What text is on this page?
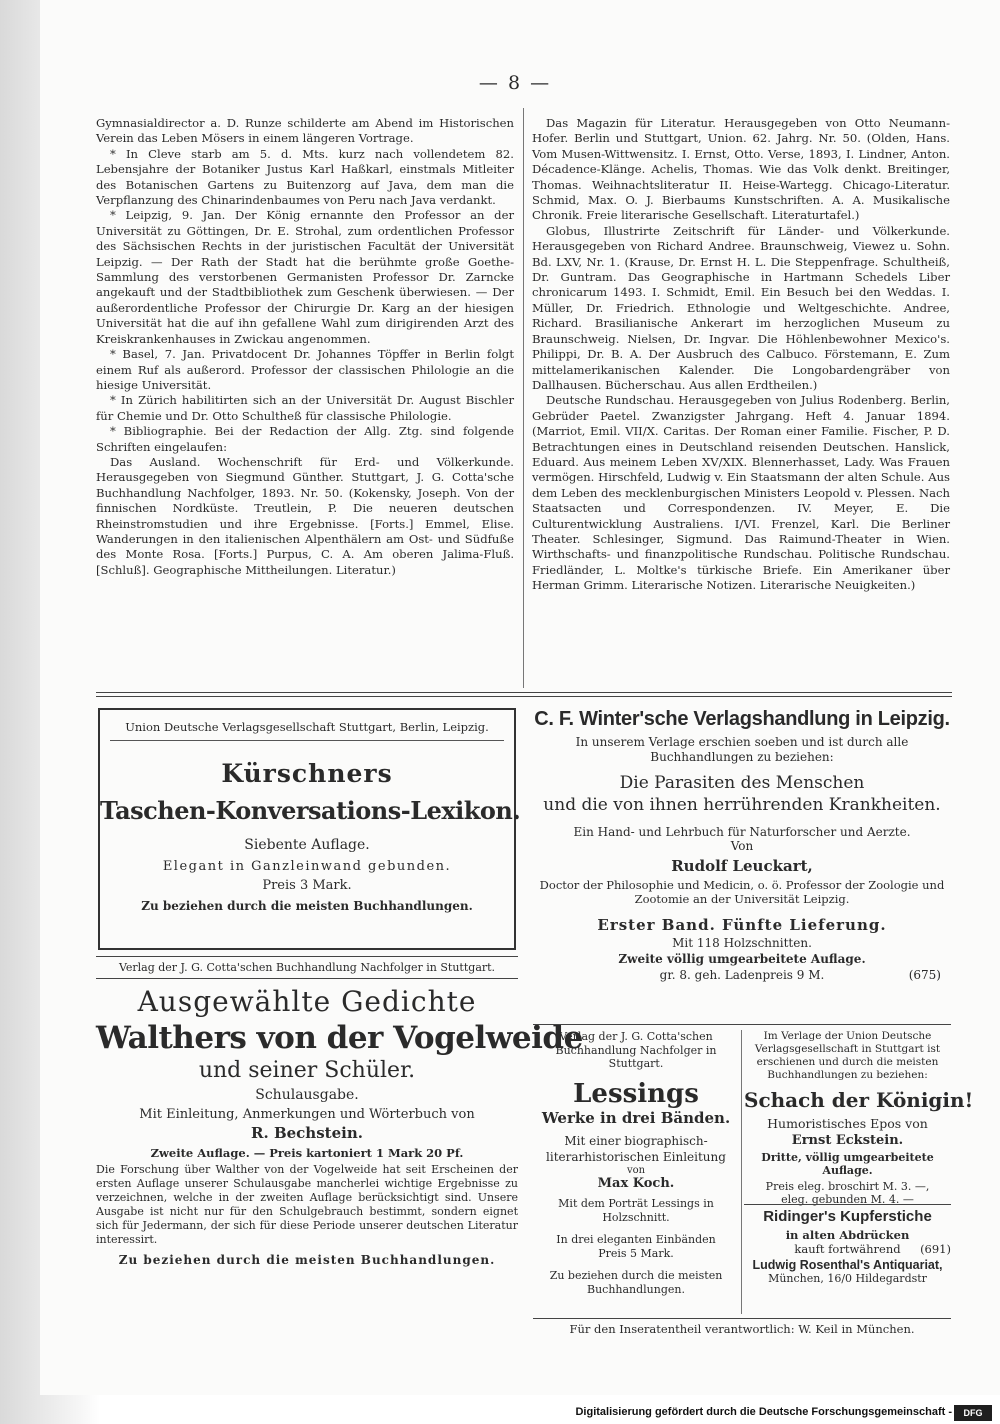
— 8 —

Gymnasialdirector a. D. Runze schilderte am Abend im Historischen Verein das Leben Mösers in einem längeren Vortrage.

* In Cleve starb am 5. d. Mts. kurz nach vollendetem 82. Lebensjahre der Botaniker Justus Karl Haßkarl, einstmals Mitleiter des Botanischen Gartens zu Buitenzorg auf Java, dem man die Verpflanzung des Chinarindenbaumes von Peru nach Java verdankt.

* Leipzig, 9. Jan. Der König ernannte den Professor an der Universität zu Göttingen, Dr. E. Strohal, zum ordentlichen Professor des Sächsischen Rechts in der juristischen Facultät der Universität Leipzig. — Der Rath der Stadt hat die berühmte große Goethe-Sammlung des verstorbenen Germanisten Professor Dr. Zarncke angekauft und der Stadtbibliothek zum Geschenk überwiesen. — Der außerordentliche Professor der Chirurgie Dr. Karg an der hiesigen Universität hat die auf ihn gefallene Wahl zum dirigirenden Arzt des Kreiskrankenhauses in Zwickau angenommen.

* Basel, 7. Jan. Privatdocent Dr. Johannes Töpffer in Berlin folgt einem Ruf als außerord. Professor der classischen Philologie an die hiesige Universität.

* In Zürich habilitirten sich an der Universität Dr. August Bischler für Chemie und Dr. Otto Schultheß für classische Philologie.

* Bibliographie. Bei der Redaction der Allg. Ztg. sind folgende Schriften eingelaufen:

Das Ausland. Wochenschrift für Erd- und Völkerkunde. Herausgegeben von Siegmund Günther. Stuttgart, J. G. Cotta'sche Buchhandlung Nachfolger, 1893. Nr. 50. (Kokensky, Joseph. Von der finnischen Nordküste. Treutlein, P. Die neueren deutschen Rheinstromstudien und ihre Ergebnisse. [Forts.] Emmel, Elise. Wanderungen in den italienischen Alpenthälern am Ost- und Südfuße des Monte Rosa. [Forts.] Purpus, C. A. Am oberen Jalima-Fluß. [Schluß]. Geographische Mittheilungen. Literatur.)

Das Magazin für Literatur. Herausgegeben von Otto Neumann-Hofer. Berlin und Stuttgart, Union. 62. Jahrg. Nr. 50. (Olden, Hans. Vom Musen-Wittwensitz. I. Ernst, Otto. Verse, 1893, I. Lindner, Anton. Décadence-Klänge. Achelis, Thomas. Wie das Volk denkt. Breitinger, Thomas. Weihnachtsliteratur II. Heise-Wartegg. Chicago-Literatur. Schmid, Max. O. J. Bierbaums Kunstschriften. A. A. Musikalische Chronik. Freie literarische Gesellschaft. Literaturtafel.)

Globus, Illustrirte Zeitschrift für Länder- und Völkerkunde. Herausgegeben von Richard Andree. Braunschweig, Viewez u. Sohn. Bd. LXV, Nr. 1. (Krause, Dr. Ernst H. L. Die Steppenfrage. Schultheiß, Dr. Guntram. Das Geographische in Hartmann Schedels Liber chronicarum 1493. I. Schmidt, Emil. Ein Besuch bei den Weddas. I. Müller, Dr. Friedrich. Ethnologie und Weltgeschichte. Andree, Richard. Brasilianische Ankerart im herzoglichen Museum zu Braunschweig. Nielsen, Dr. Ingvar. Die Höhlenbewohner Mexico's. Philippi, Dr. B. A. Der Ausbruch des Calbuco. Förstemann, E. Zum mittelamerikanischen Kalender. Die Longobardengräber von Dallhausen. Bücherschau. Aus allen Erdtheilen.)

Deutsche Rundschau. Herausgegeben von Julius Rodenberg. Berlin, Gebrüder Paetel. Zwanzigster Jahrgang. Heft 4. Januar 1894. (Marriot, Emil. VII/X. Caritas. Der Roman einer Familie. Fischer, P. D. Betrachtungen eines in Deutschland reisenden Deutschen. Hanslick, Eduard. Aus meinem Leben XV/XIX. Blennerhasset, Lady. Was Frauen vermögen. Hirschfeld, Ludwig v. Ein Staatsmann der alten Schule. Aus dem Leben des mecklenburgischen Ministers Leopold v. Plessen. Nach Staatsacten und Correspondenzen. IV. Meyer, E. Die Culturentwicklung Australiens. I/VI. Frenzel, Karl. Die Berliner Theater. Schlesinger, Sigmund. Das Raimund-Theater in Wien. Wirthschafts- und finanzpolitische Rundschau. Politische Rundschau. Friedländer, L. Moltke's türkische Briefe. Ein Amerikaner über Herman Grimm. Literarische Notizen. Literarische Neuigkeiten.)

Union Deutsche Verlagsgesellschaft Stuttgart, Berlin, Leipzig.
Kürschners
Taschen-Konversations-Lexikon.
Siebente Auflage.
Elegant in Ganzleinwand gebunden.
Preis 3 Mark.
Zu beziehen durch die meisten Buchhandlungen.
Verlag der J. G. Cotta'schen Buchhandlung Nachfolger in Stuttgart.
Ausgewählte Gedichte
Walthers von der Vogelweide
und seiner Schüler.
Schulausgabe.
Mit Einleitung, Anmerkungen und Wörterbuch von
R. Bechstein.
Zweite Auflage. — Preis kartoniert 1 Mark 20 Pf.
Die Forschung über Walther von der Vogelweide hat seit Erscheinen der ersten Auflage unserer Schulausgabe mancherlei wichtige Ergebnisse zu verzeichnen, welche in der zweiten Auflage berücksichtigt sind. Unsere Ausgabe ist nicht nur für den Schulgebrauch bestimmt, sondern eignet sich für Jedermann, der sich für diese Periode unserer deutschen Literatur interessirt.
Zu beziehen durch die meisten Buchhandlungen.
C. F. Winter'sche Verlagshandlung in Leipzig.
In unserem Verlage erschien soeben und ist durch alle Buchhandlungen zu beziehen:
Die Parasiten des Menschen
und die von ihnen herrührenden Krankheiten.
Ein Hand- und Lehrbuch für Naturforscher und Aerzte.
Von
Rudolf Leuckart,
Doctor der Philosophie und Medicin, o. ö. Professor der Zoologie und Zootomie an der Universität Leipzig.
Erster Band. Fünfte Lieferung.
Mit 118 Holzschnitten.
Zweite völlig umgearbeitete Auflage.
gr. 8. geh. Ladenpreis 9 M.	(675)
Verlag der J. G. Cotta'schen Buchhandlung Nachfolger in Stuttgart.
Lessings
Werke in drei Bänden.
Mit einer biographisch-literarhistorischen Einleitung
von
Max Koch.
Mit dem Porträt Lessings in Holzschnitt.
In drei eleganten Einbänden Preis 5 Mark.
Zu beziehen durch die meisten Buchhandlungen.
Im Verlage der Union Deutsche Verlagsgesellschaft in Stuttgart ist erschienen und durch die meisten Buchhandlungen zu beziehen:
Schach der Königin!
Humoristisches Epos von
Ernst Eckstein.
Dritte, völlig umgearbeitete Auflage.
Preis eleg. broschirt M. 3. —,
eleg. gebunden M. 4. —
Ridinger's Kupferstiche
in alten Abdrücken
kauft fortwährend (691)
Ludwig Rosenthal's Antiquariat,
München, 16/0 Hildegardstr
Für den Inseratentheil verantwortlich: W. Keil in München.
Digitalisierung gefördert durch die Deutsche Forschungsgemeinschaft -	DFG
